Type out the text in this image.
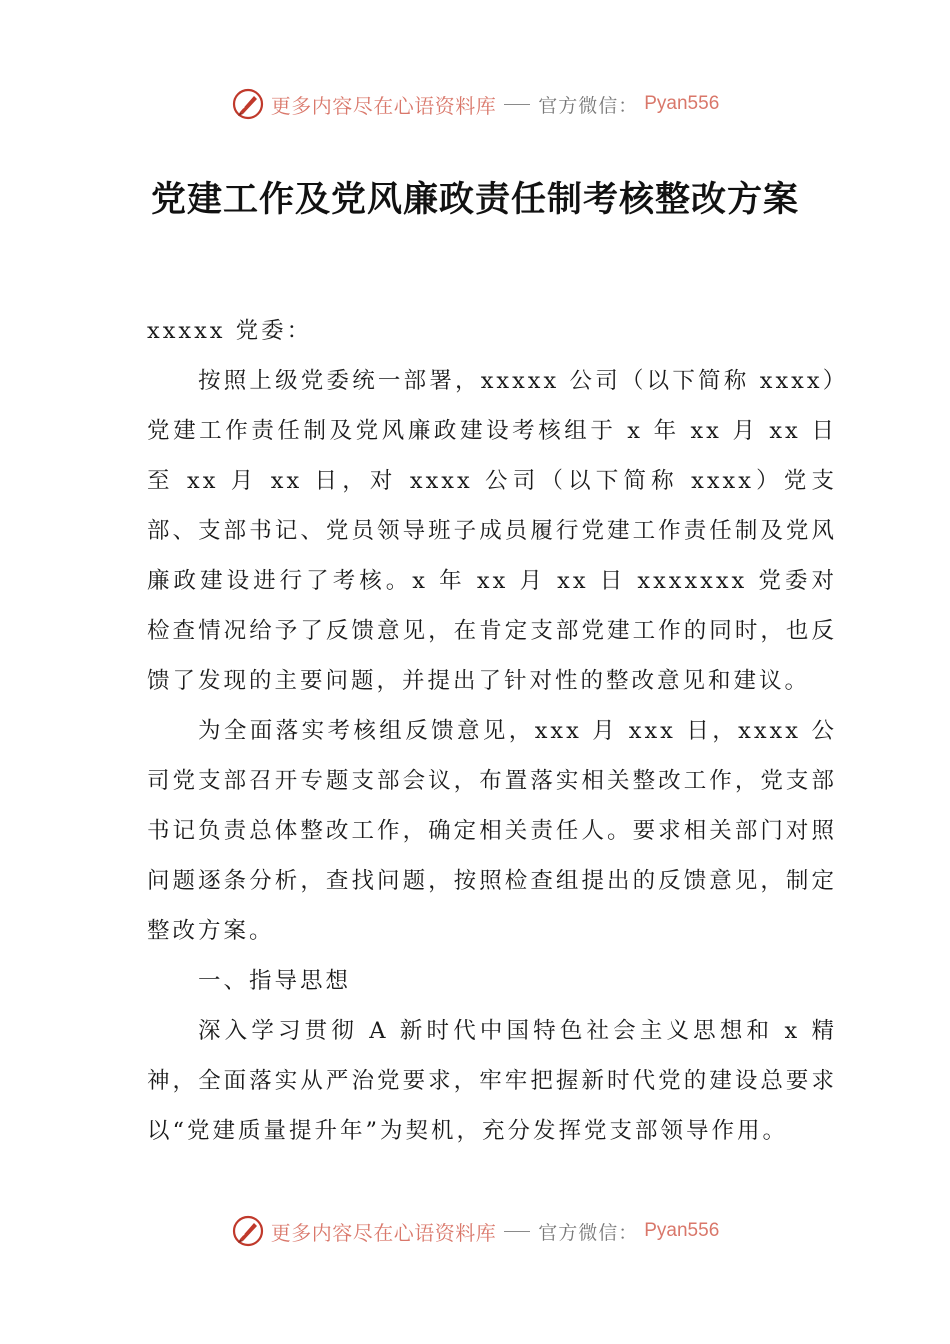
更多内容尽在心语资料库 官方微信： Pyan556
党建工作及党风廉政责任制考核整改方案

xxxxx 党委：

按照上级党委统一部署，xxxxx 公司（以下简称 xxxx）党建工作责任制及党风廉政建设考核组于 x 年 xx 月 xx 日至 xx 月 xx 日，对 xxxx 公司（以下简称 xxxx）党支部、支部书记、党员领导班子成员履行党建工作责任制及党风廉政建设进行了考核。x 年 xx 月 xx 日 xxxxxxx 党委对检查情况给予了反馈意见，在肯定支部党建工作的同时，也反馈了发现的主要问题，并提出了针对性的整改意见和建议。

为全面落实考核组反馈意见，xxx 月 xxx 日，xxxx 公司党支部召开专题支部会议，布置落实相关整改工作，党支部书记负责总体整改工作，确定相关责任人。要求相关部门对照问题逐条分析，查找问题，按照检查组提出的反馈意见，制定整改方案。

一、指导思想

深入学习贯彻 A 新时代中国特色社会主义思想和 x 精神，全面落实从严治党要求，牢牢把握新时代党的建设总要求以“党建质量提升年”为契机，充分发挥党支部领导作用。

更多内容尽在心语资料库 官方微信： Pyan556
